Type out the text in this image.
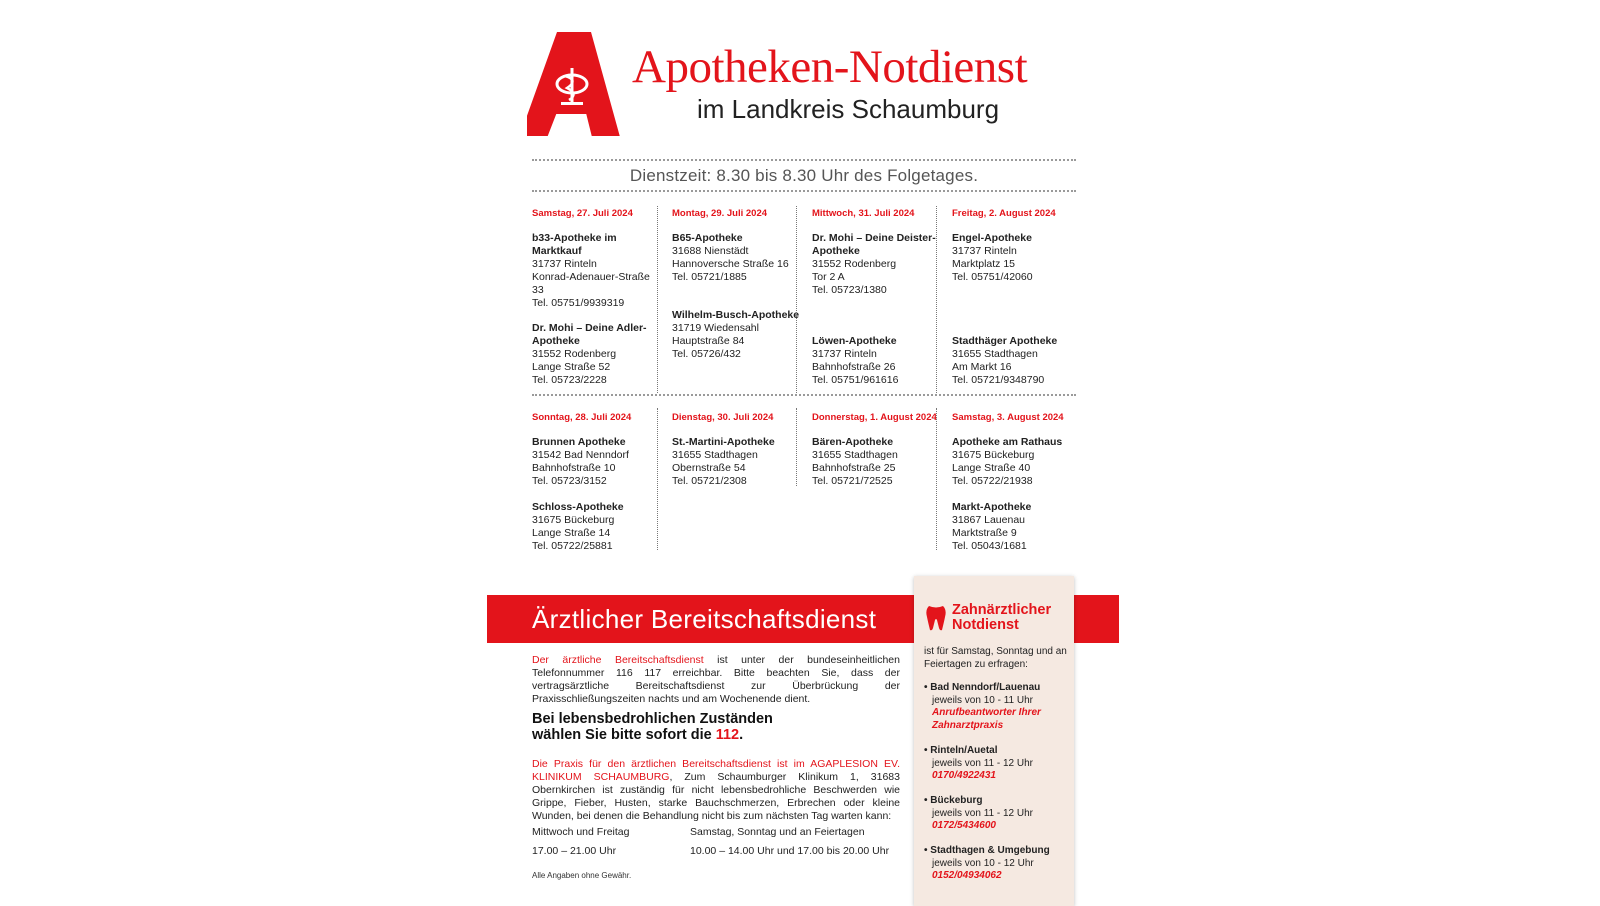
Apotheken-Notdienst
im Landkreis Schaumburg
Dienstzeit: 8.30 bis 8.30 Uhr des Folgetages.
Samstag, 27. Juli 2024
b33-Apotheke im Marktkauf
31737 Rinteln
Konrad-Adenauer-Straße 33
Tel. 05751/9939319
Dr. Mohi – Deine Adler-Apotheke
31552 Rodenberg
Lange Straße 52
Tel. 05723/2228
Montag, 29. Juli 2024
B65-Apotheke
31688 Nienstädt
Hannoversche Straße 16
Tel. 05721/1885
Wilhelm-Busch-Apotheke
31719 Wiedensahl
Hauptstraße 84
Tel. 05726/432
Mittwoch, 31. Juli 2024
Dr. Mohi – Deine Deister-Apotheke
31552 Rodenberg
Tor 2 A
Tel. 05723/1380
Löwen-Apotheke
31737 Rinteln
Bahnhofstraße 26
Tel. 05751/961616
Freitag, 2. August 2024
Engel-Apotheke
31737 Rinteln
Marktplatz 15
Tel. 05751/42060
Stadthäger Apotheke
31655 Stadthagen
Am Markt 16
Tel. 05721/9348790
Sonntag, 28. Juli 2024
Brunnen Apotheke
31542 Bad Nenndorf
Bahnhofstraße 10
Tel. 05723/3152
Schloss-Apotheke
31675 Bückeburg
Lange Straße 14
Tel. 05722/25881
Dienstag, 30. Juli 2024
St.-Martini-Apotheke
31655 Stadthagen
Obernstraße 54
Tel. 05721/2308
Donnerstag, 1. August 2024
Bären-Apotheke
31655 Stadthagen
Bahnhofstraße 25
Tel. 05721/72525
Samstag, 3. August 2024
Apotheke am Rathaus
31675 Bückeburg
Lange Straße 40
Tel. 05722/21938
Markt-Apotheke
31867 Lauenau
Marktstraße 9
Tel. 05043/1681
Ärztlicher Bereitschaftsdienst
Der ärztliche Bereitschaftsdienst ist unter der bundeseinheitlichen Telefonnummer 116 117 erreichbar. Bitte beachten Sie, dass der vertragsärztliche Bereitschaftsdienst zur Überbrückung der Praxisschließungszeiten nachts und am Wochenende dient.
Bei lebensbedrohlichen Zuständen
wählen Sie bitte sofort die 112.
Die Praxis für den ärztlichen Bereitschaftsdienst ist im AGAPLESION EV. KLINIKUM SCHAUMBURG, Zum Schaumburger Klinikum 1, 31683 Obernkirchen ist zuständig für nicht lebensbedrohliche Beschwerden wie Grippe, Fieber, Husten, starke Bauchschmerzen, Erbrechen oder kleine Wunden, bei denen die Behandlung nicht bis zum nächsten Tag warten kann:
Mittwoch und Freitag	Samstag, Sonntag und an Feiertagen
17.00 – 21.00 Uhr	10.00 – 14.00 Uhr und 17.00 bis 20.00 Uhr
Alle Angaben ohne Gewähr.
Zahnärztlicher
Notdienst
ist für Samstag, Sonntag und an Feiertagen zu erfragen:
• Bad Nenndorf/Lauenau
jeweils von 10 - 11 Uhr
Anrufbeantworter Ihrer Zahnarztpraxis
• Rinteln/Auetal
jeweils von 11 - 12 Uhr
0170/4922431
• Bückeburg
jeweils von 11 - 12 Uhr
0172/5434600
• Stadthagen & Umgebung
jeweils von 10 - 12 Uhr
0152/04934062
